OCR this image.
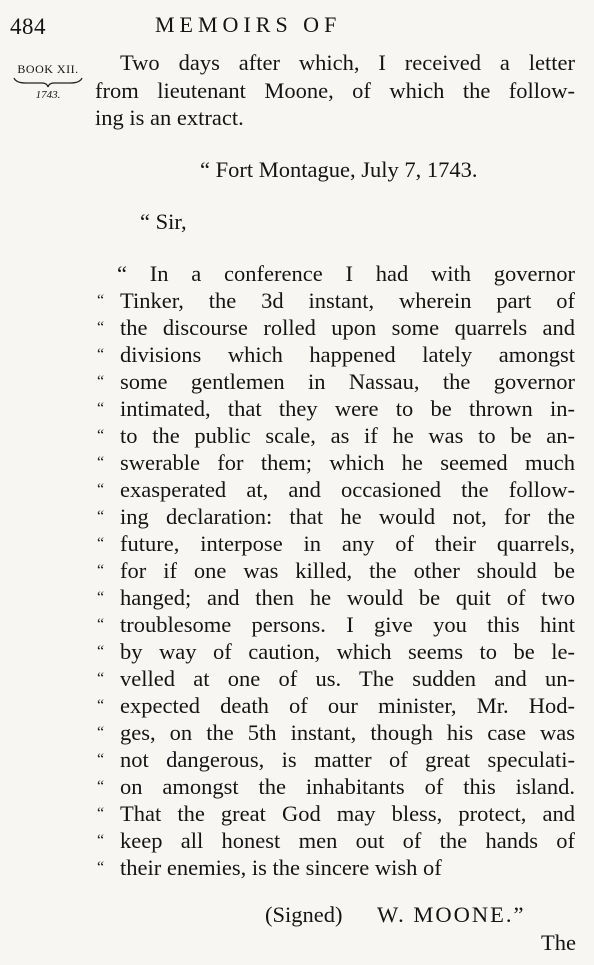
484	MEMOIRS OF
BOOK XII.
1743.
Two days after which, I received a letter
from lieutenant Moone, of which the follow-
ing is an extract.
“ Fort Montague, July 7, 1743.
“ Sir,
“ In a conference I had with governor
“ Tinker, the 3d instant, wherein part of
“ the discourse rolled upon some quarrels and
“ divisions which happened lately amongst
“ some gentlemen in Nassau, the governor
“ intimated, that they were to be thrown in-
“ to the public scale, as if he was to be an-
“ swerable for them; which he seemed much
“ exasperated at, and occasioned the follow-
“ ing declaration: that he would not, for the
“ future, interpose in any of their quarrels,
“ for if one was killed, the other should be
“ hanged; and then he would be quit of two
“ troublesome persons. I give you this hint
“ by way of caution, which seems to be le-
“ velled at one of us. The sudden and un-
“ expected death of our minister, Mr. Hod-
“ ges, on the 5th instant, though his case was
“ not dangerous, is matter of great speculati-
“ on amongst the inhabitants of this island.
“ That the great God may bless, protect, and
“ keep all honest men out of the hands of
“ their enemies, is the sincere wish of
(Signed) W. MOONE.”
The
